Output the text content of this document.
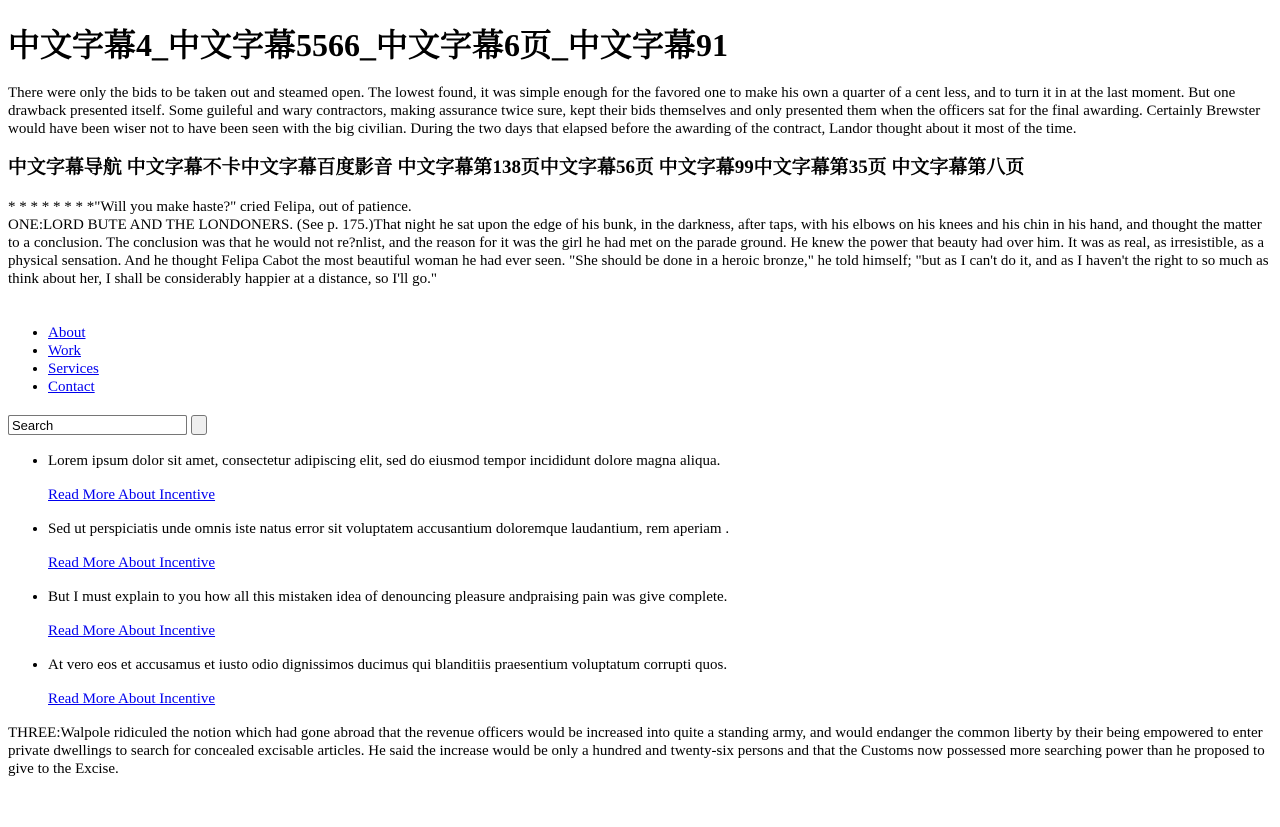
中文字幕4_中文字幕5566_中文字幕6页_中文字幕91

There were only the bids to be taken out and steamed open. The lowest found, it was simple enough for the favored one to make his own a quarter of a cent less, and to turn it in at the last moment. But one drawback presented itself. Some guileful and wary contractors, making assurance twice sure, kept their bids themselves and only presented them when the officers sat for the final awarding. Certainly Brewster would have been wiser not to have been seen with the big civilian. During the two days that elapsed before the awarding of the contract, Landor thought about it most of the time.

中文字幕导航 中文字幕不卡中文字幕百度影音 中文字幕第138页中文字幕56页 中文字幕99中文字幕第35页 中文字幕第八页

* * * * * * * *"Will you make haste?" cried Felipa, out of patience.

ONE:LORD BUTE AND THE LONDONERS. (See p. 175.)That night he sat upon the edge of his bunk, in the darkness, after taps, with his elbows on his knees and his chin in his hand, and thought the matter to a conclusion. The conclusion was that he would not re?nlist, and the reason for it was the girl he had met on the parade ground. He knew the power that beauty had over him. It was as real, as irresistible, as a physical sensation. And he thought Felipa Cabot the most beautiful woman he had ever seen. "She should be done in a heroic bronze," he told himself; "but as I can't do it, and as I haven't the right to so much as think about her, I shall be considerably happier at a distance, so I'll go."

• About
• Work
• Services
• Contact
Search

• Lorem ipsum dolor sit amet, consectetur adipiscing elit, sed do eiusmod tempor incididunt dolore magna aliqua.

Read More About Incentive

• Sed ut perspiciatis unde omnis iste natus error sit voluptatem accusantium doloremque laudantium, rem aperiam .

Read More About Incentive

• But I must explain to you how all this mistaken idea of denouncing pleasure andpraising pain was give complete.

Read More About Incentive

• At vero eos et accusamus et iusto odio dignissimos ducimus qui blanditiis praesentium voluptatum corrupti quos.

Read More About Incentive

THREE:Walpole ridiculed the notion which had gone abroad that the revenue officers would be increased into quite a standing army, and would endanger the common liberty by their being empowered to enter private dwellings to search for concealed excisable articles. He said the increase would be only a hundred and twenty-six persons and that the Customs now possessed more searching power than he proposed to give to the Excise.
